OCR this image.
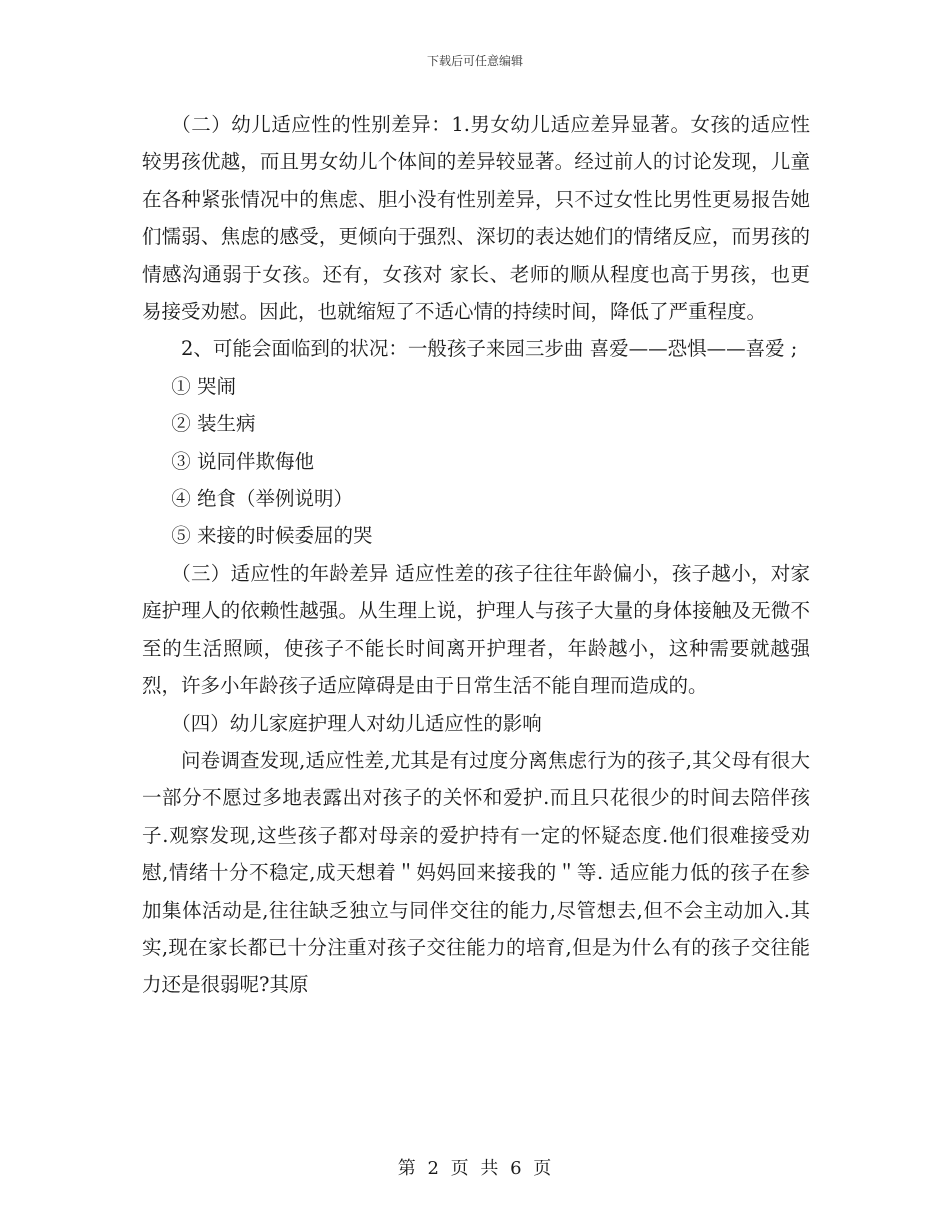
下载后可任意编辑

（二）幼儿适应性的性别差异：1.男女幼儿适应差异显著。女孩的适应性较男孩优越，而且男女幼儿个体间的差异较显著。经过前人的讨论发现，儿童在各种紧张情况中的焦虑、胆小没有性别差异，只不过女性比男性更易报告她们懦弱、焦虑的感受，更倾向于强烈、深切的表达她们的情绪反应，而男孩的情感沟通弱于女孩。还有，女孩对 家长、老师的顺从程度也高于男孩，也更易接受劝慰。因此，也就缩短了不适心情的持续时间，降低了严重程度。

2、可能会面临到的状况：一般孩子来园三步曲 喜爱——恐惧——喜爱 ;

① 哭闹

② 装生病

③ 说同伴欺侮他

④ 绝食（举例说明）

⑤ 来接的时候委屈的哭

（三）适应性的年龄差异 适应性差的孩子往往年龄偏小，孩子越小，对家庭护理人的依赖性越强。从生理上说，护理人与孩子大量的身体接触及无微不至的生活照顾，使孩子不能长时间离开护理者，年龄越小，这种需要就越强烈，许多小年龄孩子适应障碍是由于日常生活不能自理而造成的。

（四）幼儿家庭护理人对幼儿适应性的影响

问卷调查发现,适应性差,尤其是有过度分离焦虑行为的孩子,其父母有很大一部分不愿过多地表露出对孩子的关怀和爱护.而且只花很少的时间去陪伴孩子.观察发现,这些孩子都对母亲的爱护持有一定的怀疑态度.他们很难接受劝慰,情绪十分不稳定,成天想着＂妈妈回来接我的＂等. 适应能力低的孩子在参加集体活动是,往往缺乏独立与同伴交往的能力,尽管想去,但不会主动加入.其实,现在家长都已十分注重对孩子交往能力的培育,但是为什么有的孩子交往能力还是很弱呢?其原

第 2 页 共 6 页
